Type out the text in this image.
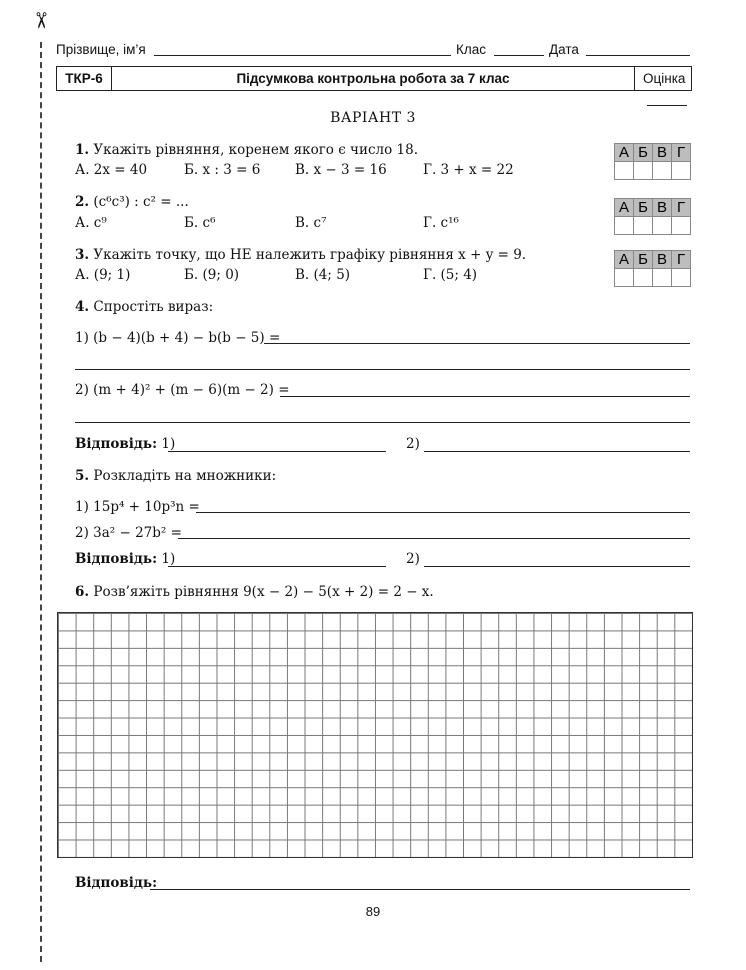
✂
Прізвище, ім’я	Клас	Дата
ТКР-6	Підсумкова контрольна робота за 7 клас	Оцінка
ВАРІАНТ 3
1. Укажіть рівняння, коренем якого є число 18.
А. 2x = 40	Б. x : 3 = 6	В. x − 3 = 16	Г. 3 + x = 22
А Б В Г
2. (c⁶c³) : c² = ...
А. c⁹	Б. c⁶	В. c⁷	Г. c¹⁶
А Б В Г
3. Укажіть точку, що НЕ належить графіку рівняння x + y = 9.
А. (9; 1)	Б. (9; 0)	В. (4; 5)	Г. (5; 4)
А Б В Г
4. Спростіть вираз:
1) (b − 4)(b + 4) − b(b − 5) =
2) (m + 4)² + (m − 6)(m − 2) =
Відповідь: 1)	2)
5. Розкладіть на множники:
1) 15p⁴ + 10p³n =
2) 3a² − 27b² =
Відповідь: 1)	2)
6. Розв’яжіть рівняння 9(x − 2) − 5(x + 2) = 2 − x.
Відповідь:
89
